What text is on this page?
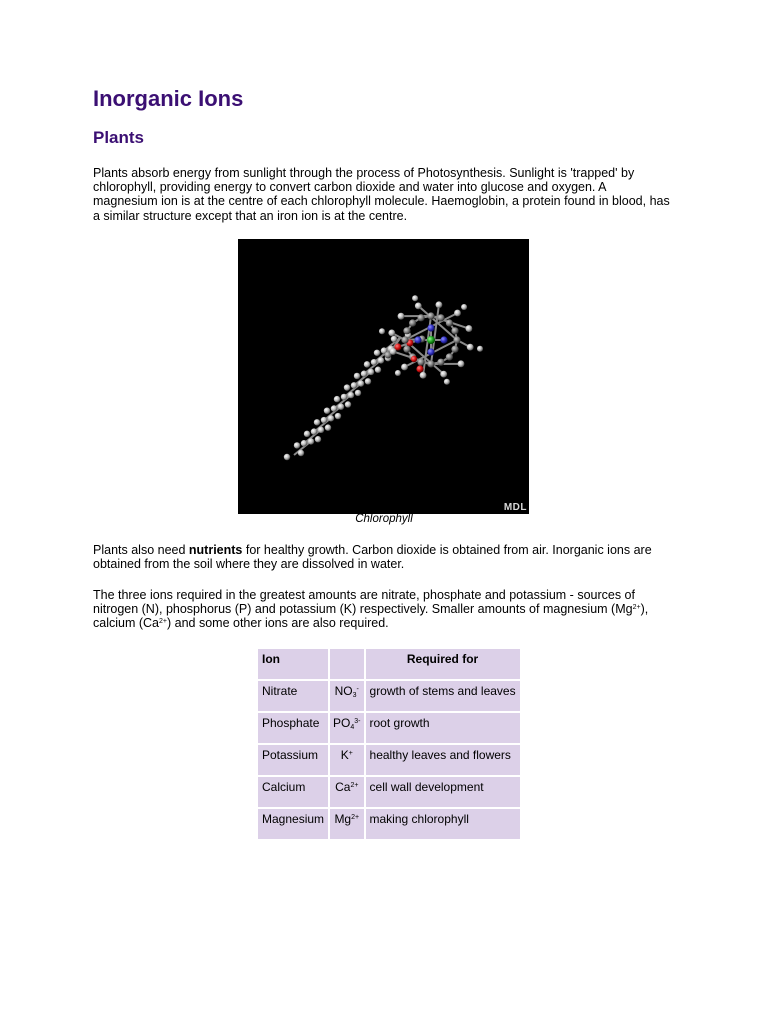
Inorganic Ions
Plants

Plants absorb energy from sunlight through the process of Photosynthesis. Sunlight is 'trapped' by chlorophyll, providing energy to convert carbon dioxide and water into glucose and oxygen. A magnesium ion is at the centre of each chlorophyll molecule. Haemoglobin, a protein found in blood, has a similar structure except that an iron ion is at the centre.

Plants also need nutrients for healthy growth. Carbon dioxide is obtained from air. Inorganic ions are obtained from the soil where they are dissolved in water.

The three ions required in the greatest amounts are nitrate, phosphate and potassium - sources of nitrogen (N), phosphorus (P) and potassium (K) respectively. Smaller amounts of magnesium $(Mg^{2+})$, calcium $(Ca^{2+})$ and some other ions are also required.

MDL
Chlorophyll
Ion		Required for
Nitrate	$NO_3^-$	growth of stems and leaves
Phosphate	$PO_4^{3-}$	root growth
Potassium	K+	healthy leaves and flowers
Calcium	$Ca^{2+}$	cell wall development
Magnesium	$Mg^{2+}$	making chlorophyll
